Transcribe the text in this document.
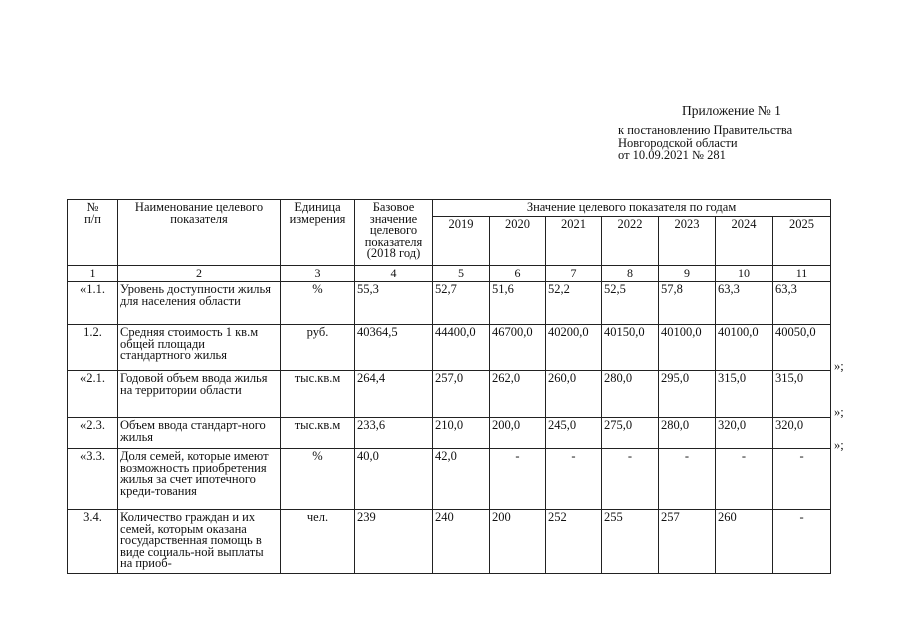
Приложение № 1
к постановлению Правительства
Новгородской области
от 10.09.2021 № 281
№
п/п	Наименование целевого показателя	Единица измерения	Базовое значение целевого показателя (2018 год)	Значение целевого показателя по годам						
				2019	2020	2021	2022	2023	2024	2025
1	2	3	4	5	6	7	8	9	10	11
«1.1.	Уровень доступности жилья для населения области	%	55,3	52,7	51,6	52,2	52,5	57,8	63,3	63,3
1.2.	Средняя стоимость 1 кв.м общей площади стандартного жилья	руб.	40364,5	44400,0	46700,0	40200,0	40150,0	40100,0	40100,0	40050,0
«2.1.	Годовой объем ввода жилья на территории области	тыс.кв.м	264,4	257,0	262,0	260,0	280,0	295,0	315,0	315,0
«2.3.	Объем ввода стандарт-ного жилья	тыс.кв.м	233,6	210,0	200,0	245,0	275,0	280,0	320,0	320,0
«3.3.	Доля семей, которые имеют возможность приобретения жилья за счет ипотечного креди-тования	%	40,0	42,0	-	-	-	-	-	-
3.4.	Количество граждан и их семей, которым оказана государственная помощь в виде социаль-ной выплаты на приоб-	чел.	239	240	200	252	255	257	260	-
»;
»;
»;
